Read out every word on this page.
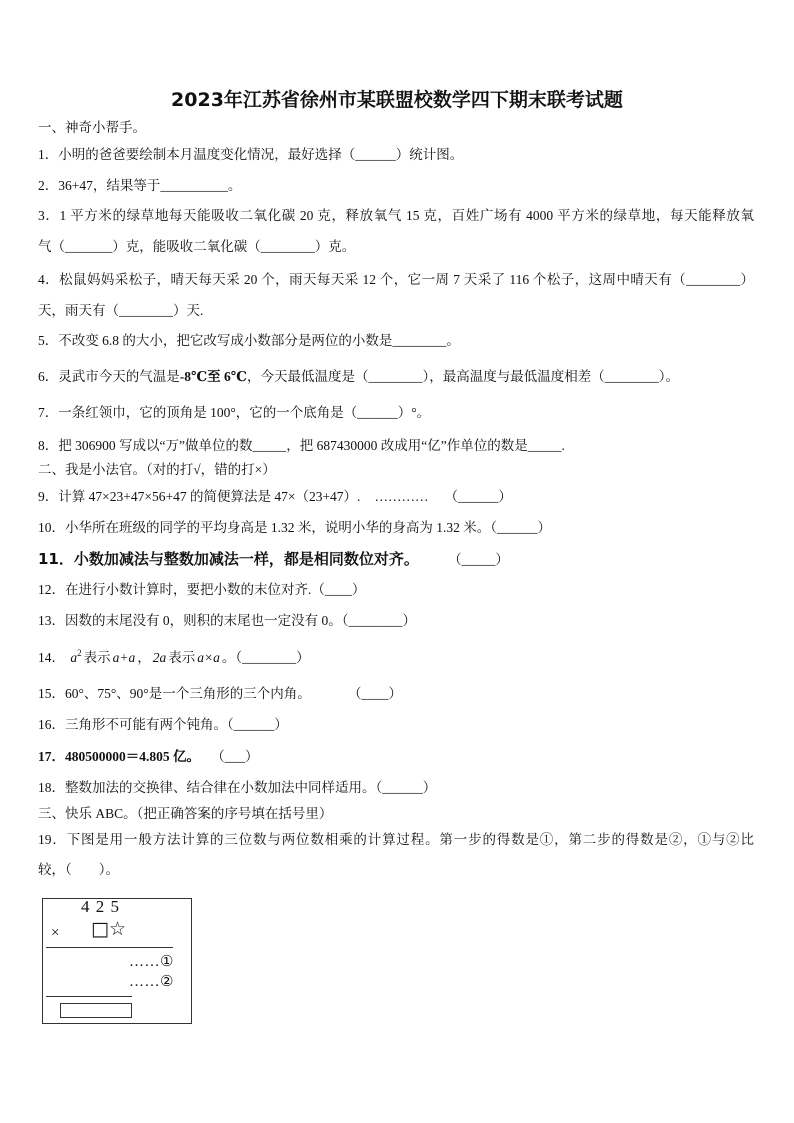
2023年江苏省徐州市某联盟校数学四下期末联考试题
一、神奇小帮手。
1．小明的爸爸要绘制本月温度变化情况，最好选择（______）统计图。
2．36+47，结果等于__________。
3．1 平方米的绿草地每天能吸收二氧化碳 20 克，释放氧气 15 克，百姓广场有 4000 平方米的绿草地，每天能释放氧
气（_______）克，能吸收二氧化碳（________）克。
4．松鼠妈妈采松子，晴天每天采 20 个，雨天每天采 12 个，它一周 7 天采了 116 个松子，这周中晴天有（________）
天，雨天有（________）天.
5．不改变 6.8 的大小，把它改写成小数部分是两位的小数是________。
6．灵武市今天的气温是-8℃至 6℃，今天最低温度是（________），最高温度与最低温度相差（________）。
7．一条红领巾，它的顶角是 100°，它的一个底角是（______）°。
8．把 306900 写成以“万”做单位的数_____，把 687430000 改成用“亿”作单位的数是_____.
二、我是小法官。（对的打√，错的打×）
9．计算 47×23+47×56+47 的简便算法是 47×（23+47）. ………… （______）
10．小华所在班级的同学的平均身高是 1.32 米，说明小华的身高为 1.32 米。（______）
11．小数加减法与整数加减法一样，都是相同数位对齐。	（_____）
12．在进行小数计算时，要把小数的末位对齐.（____）
13．因数的末尾没有 0，则积的末尾也一定没有 0。（________）
14． $a^2$ 表示 a+a ， 2a 表示 a×a 。（________）
15．60°、75°、90°是一个三角形的三个内角。	（____）
16．三角形不可能有两个钝角。（______）
17．480500000＝4.805 亿。 （___）
18．整数加法的交换律、结合律在小数加法中同样适用。（______）
三、快乐 ABC。（把正确答案的序号填在括号里）
19．下图是用一般方法计算的三位数与两位数相乘的计算过程。第一步的得数是①，第二步的得数是②，①与②比
较，（　　）。
4 2 5
× □☆
……①
……②
